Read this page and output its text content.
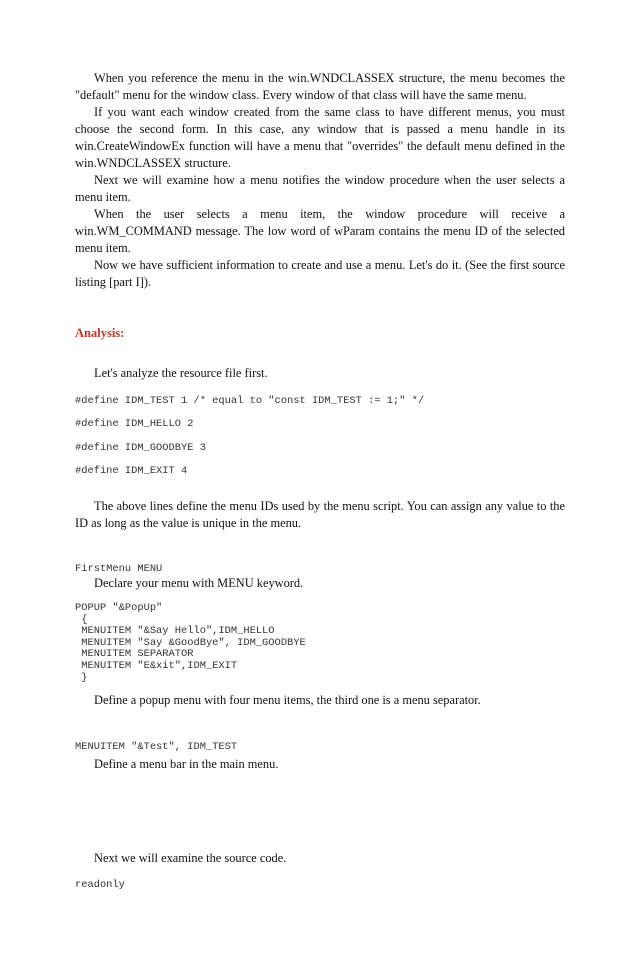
When you reference the menu in the win.WNDCLASSEX structure, the menu becomes the "default" menu for the window class. Every window of that class will have the same menu.

If you want each window created from the same class to have different menus, you must choose the second form. In this case, any window that is passed a menu handle in its win.CreateWindowEx function will have a menu that "overrides" the default menu defined in the win.WNDCLASSEX structure.

Next we will examine how a menu notifies the window procedure when the user selects a menu item.

When the user selects a menu item, the window procedure will receive a win.WM_COMMAND message. The low word of wParam contains the menu ID of the selected menu item.

Now we have sufficient information to create and use a menu. Let's do it. (See the first source listing [part I]).

Analysis:

Let's analyze the resource file first.

#define IDM_TEST 1 /* equal to "const IDM_TEST := 1;" */

#define IDM_HELLO 2

#define IDM_GOODBYE 3

#define IDM_EXIT 4

The above lines define the menu IDs used by the menu script. You can assign any value to the ID as long as the value is unique in the menu.

FirstMenu MENU

Declare your menu with MENU keyword.

POPUP "&PopUp"

{

MENUITEM "&Say Hello",IDM_HELLO

MENUITEM "Say &GoodBye", IDM_GOODBYE

MENUITEM SEPARATOR

MENUITEM "E&xit",IDM_EXIT

}

Define a popup menu with four menu items, the third one is a menu separator.

MENUITEM "&Test", IDM_TEST

Define a menu bar in the main menu.

Next we will examine the source code.

readonly
